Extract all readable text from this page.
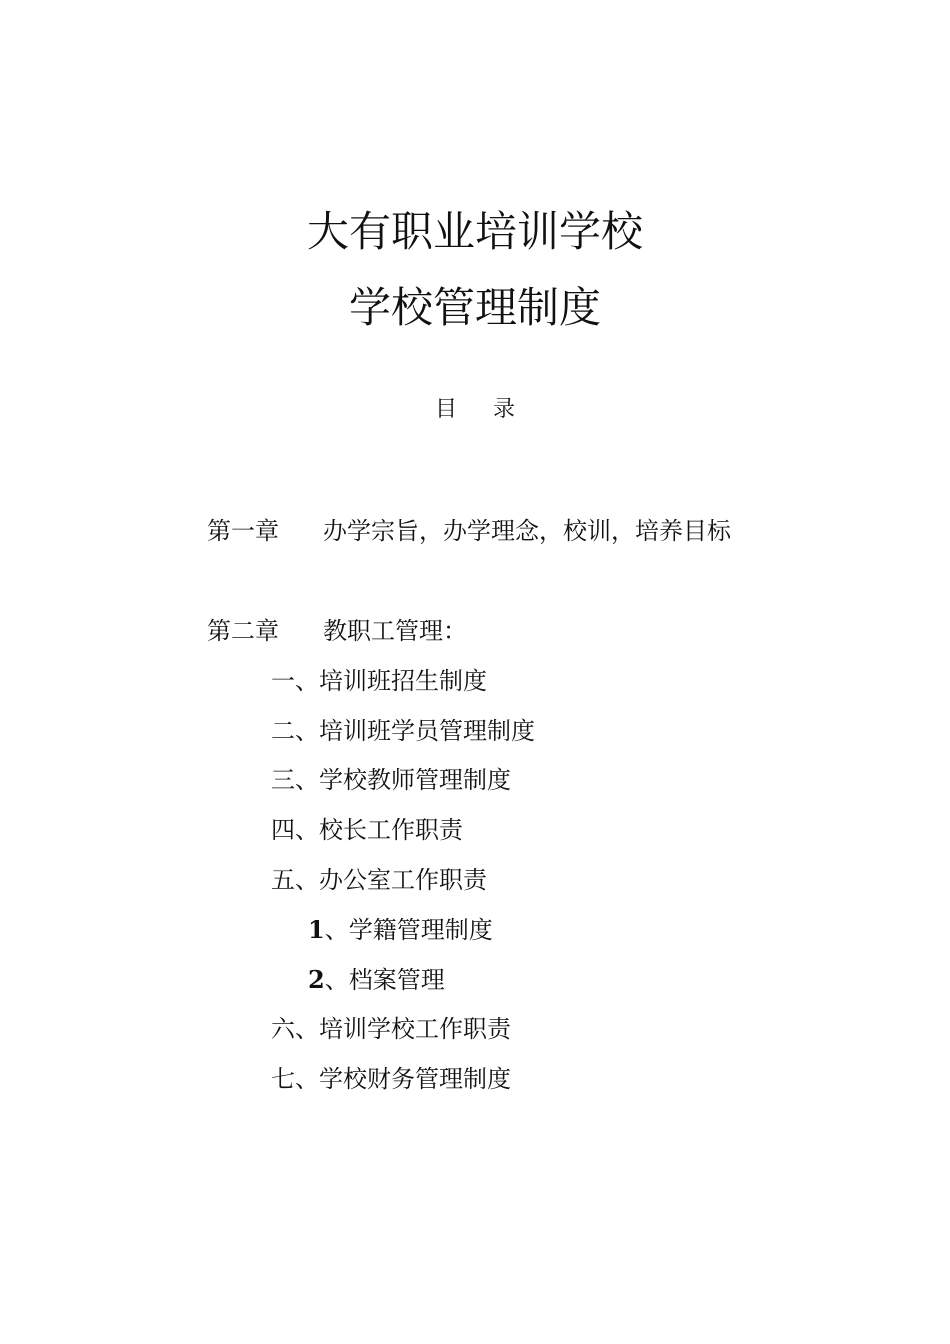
大有职业培训学校
学校管理制度
目录
第一章 办学宗旨，办学理念，校训，培养目标
第二章 教职工管理：
一、培训班招生制度
二、培训班学员管理制度
三、学校教师管理制度
四、校长工作职责
五、办公室工作职责
1、学籍管理制度
2、档案管理
六、培训学校工作职责
七、学校财务管理制度
